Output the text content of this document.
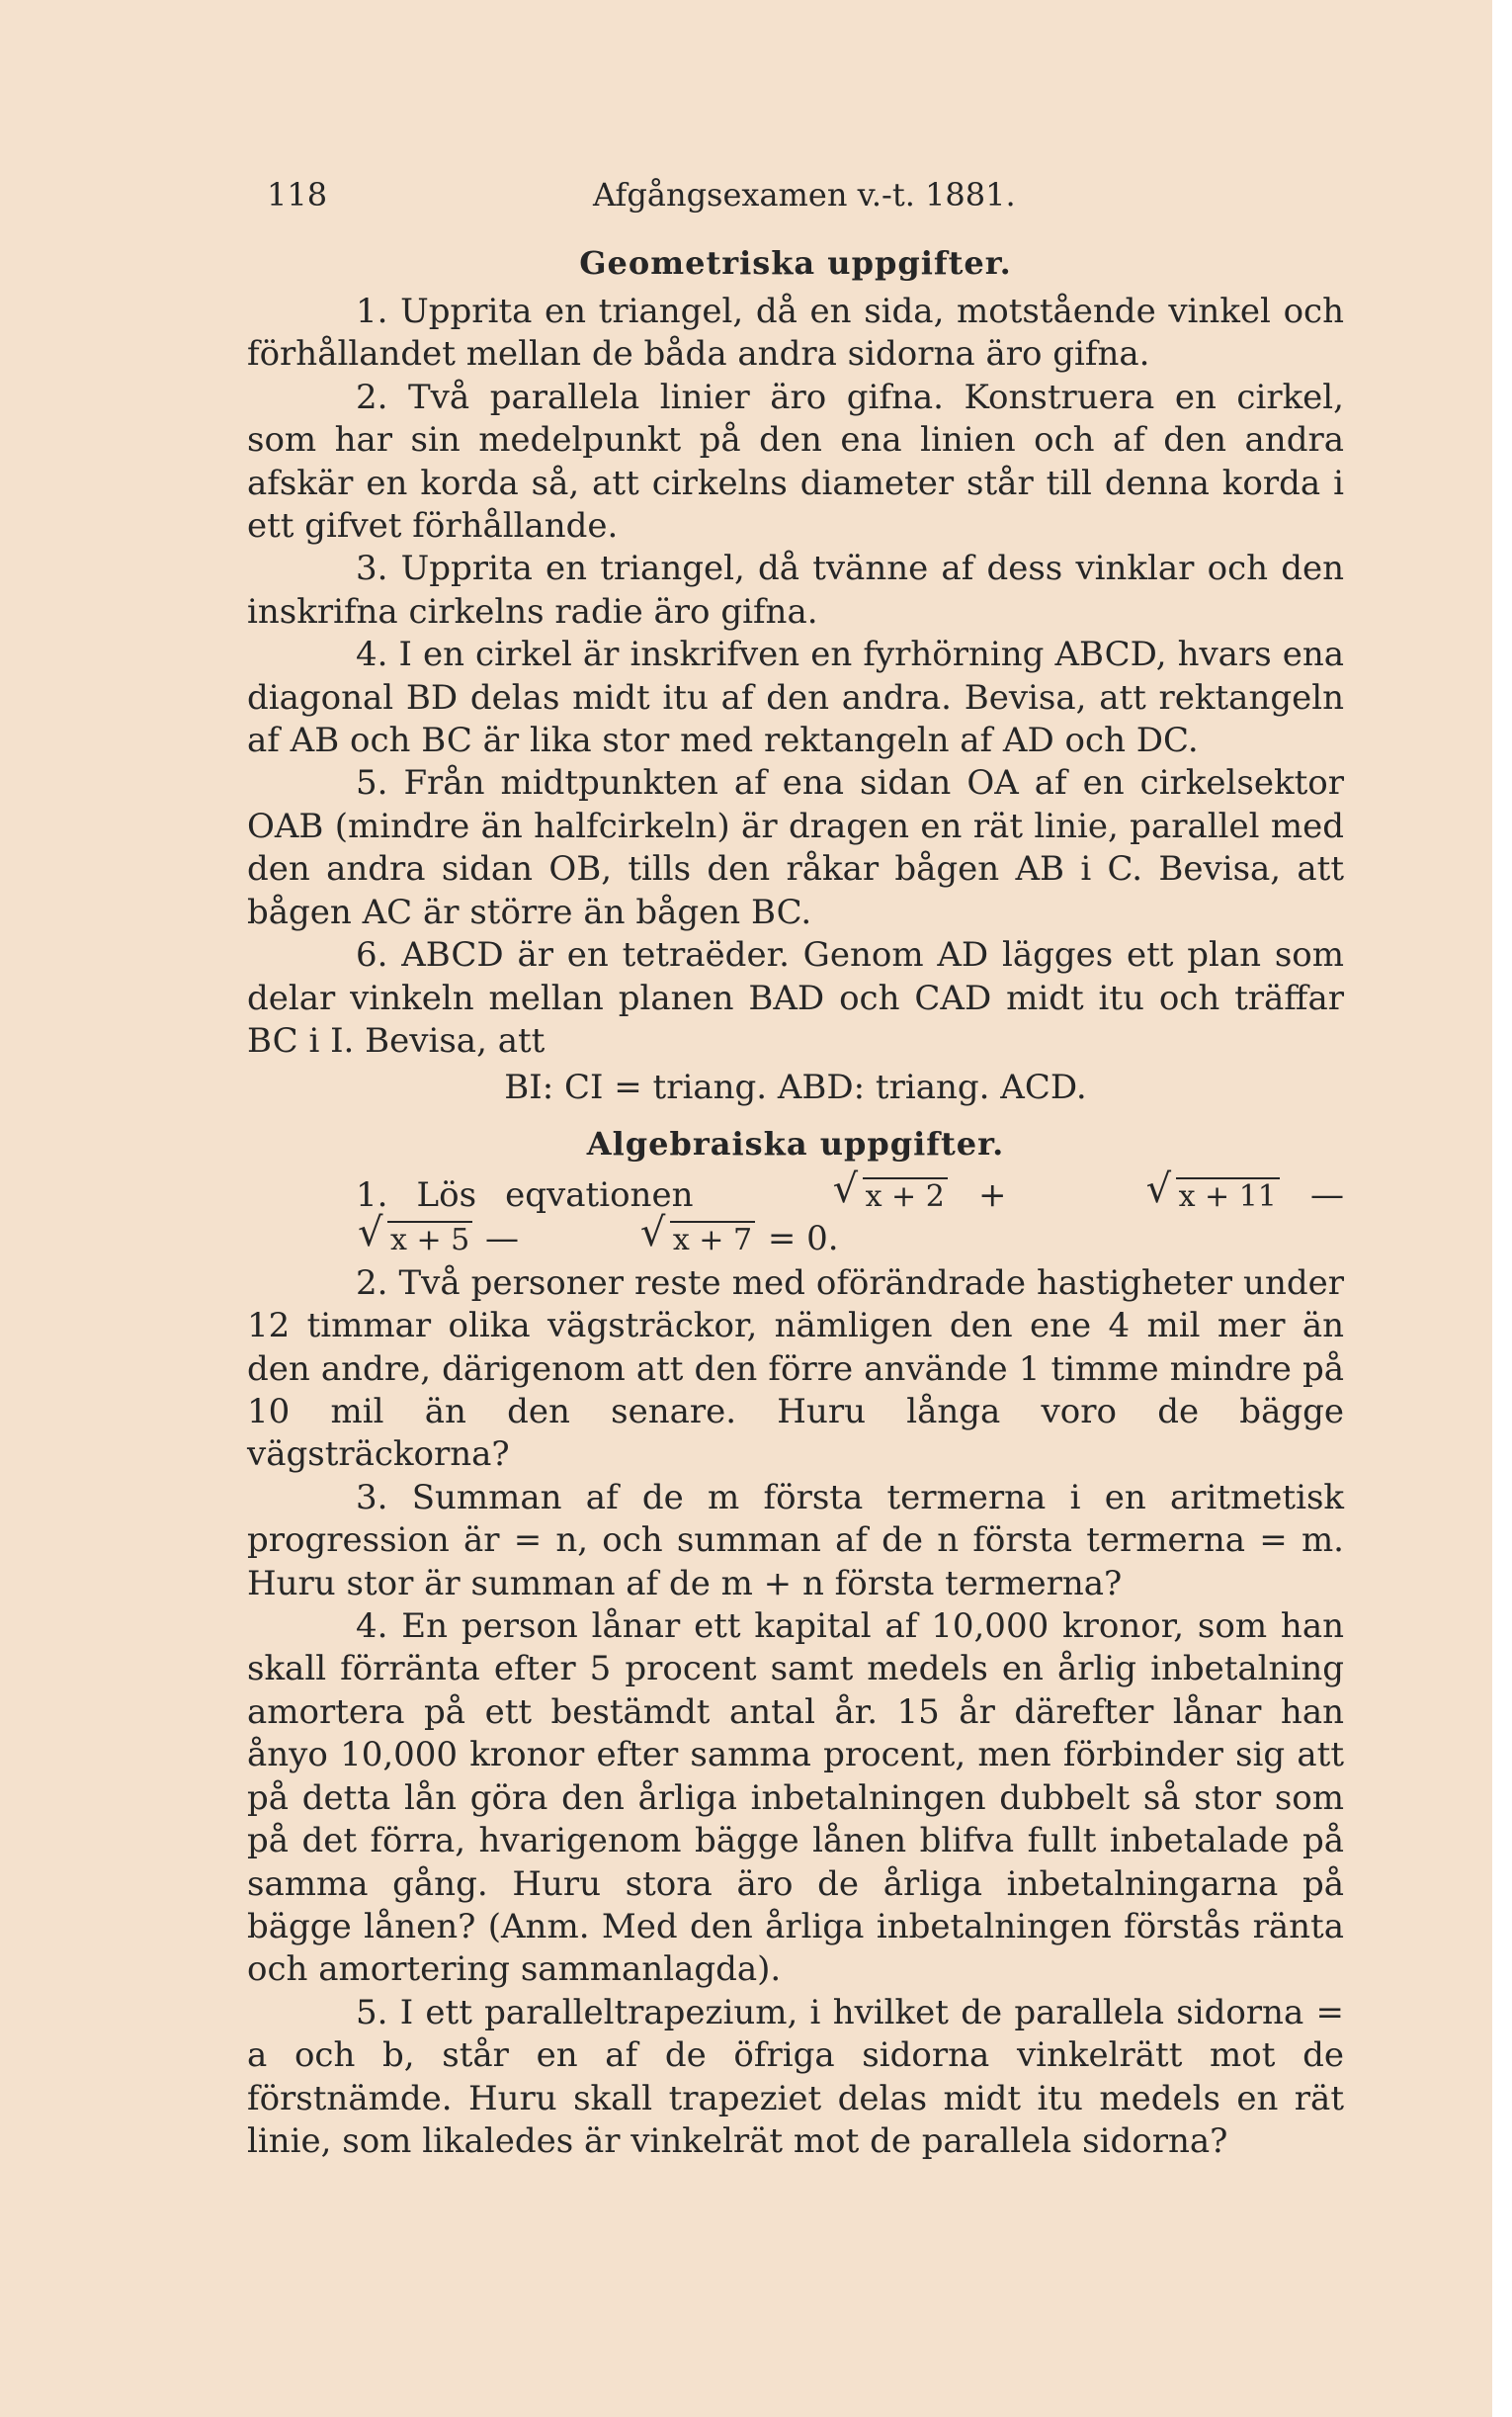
118	Afgångsexamen v.-t. 1881.
Geometriska uppgifter.

1. Upprita en triangel, då en sida, motstående vinkel och förhållandet mellan de båda andra sidorna äro gifna.

2. Två parallela linier äro gifna. Konstruera en cirkel, som har sin medelpunkt på den ena linien och af den andra afskär en korda så, att cirkelns diameter står till denna korda i ett gifvet förhållande.

3. Upprita en triangel, då tvänne af dess vinklar och den inskrifna cirkelns radie äro gifna.

4. I en cirkel är inskrifven en fyrhörning ABCD, hvars ena diagonal BD delas midt itu af den andra. Bevisa, att rektangeln af AB och BC är lika stor med rektangeln af AD och DC.

5. Från midtpunkten af ena sidan OA af en cirkelsektor OAB (mindre än halfcirkeln) är dragen en rät linie, parallel med den andra sidan OB, tills den råkar bågen AB i C. Bevisa, att bågen AC är större än bågen BC.

6. ABCD är en tetraëder. Genom AD lägges ett plan som delar vinkeln mellan planen BAD och CAD midt itu och träffar BC i I. Bevisa, att

BI: CI = triang. ABD: triang. ACD.
Algebraiska uppgifter.

1. Lös eqvationen	√ x + 2 +	√ x + 11 — √ x + 5 —	√ x + 7 = 0.

2. Två personer reste med oförändrade hastigheter under 12 timmar olika vägsträckor, nämligen den ene 4 mil mer än den andre, därigenom att den förre använde 1 timme mindre på 10 mil än den senare. Huru långa voro de bägge vägsträckorna?

3. Summan af de m första termerna i en aritmetisk progression är = n, och summan af de n första termerna = m. Huru stor är summan af de m + n första termerna?

4. En person lånar ett kapital af 10,000 kronor, som han skall förränta efter 5 procent samt medels en årlig inbetalning amortera på ett bestämdt antal år. 15 år därefter lånar han ånyo 10,000 kronor efter samma procent, men förbinder sig att på detta lån göra den årliga inbetalningen dubbelt så stor som på det förra, hvarigenom bägge lånen blifva fullt inbetalade på samma gång. Huru stora äro de årliga inbetalningarna på bägge lånen? (Anm. Med den årliga inbetalningen förstås ränta och amortering sammanlagda).

5. I ett paralleltrapezium, i hvilket de parallela sidorna = a och b, står en af de öfriga sidorna vinkelrätt mot de förstnämde. Huru skall trapeziet delas midt itu medels en rät linie, som likaledes är vinkelrät mot de parallela sidorna?
